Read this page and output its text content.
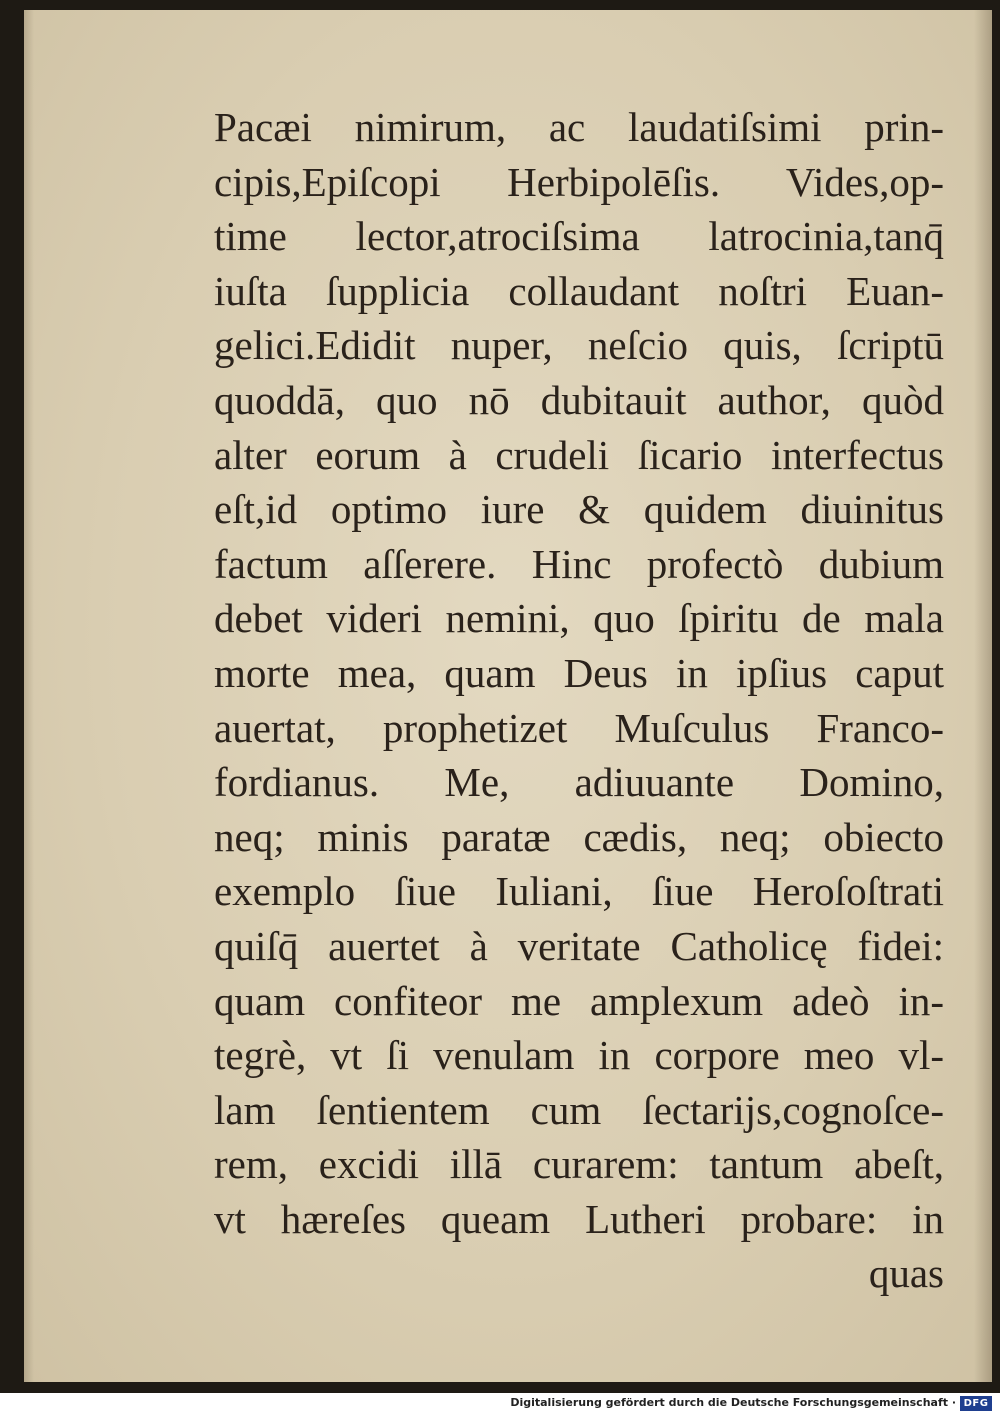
Pacæi nimirum, ac laudatiſsimi prin-
cipis,Epiſcopi Herbipolēſis. Vides,op-
time lector,atrociſsima latrocinia,tanq̄
iuſta ſupplicia collaudant noſtri Euan-
gelici.Edidit nuper, neſcio quis, ſcriptū
quoddā, quo nō dubitauit author, quòd
alter eorum à crudeli ſicario interfectus
eſt,id optimo iure & quidem diuinitus
factum aſſerere. Hinc profectò dubium
debet videri nemini, quo ſpiritu de mala
morte mea, quam Deus in ipſius caput
auertat, prophetizet Muſculus Franco-
fordianus. Me, adiuuante Domino,
neq; minis paratæ cædis, neq; obiecto
exemplo ſiue Iuliani, ſiue Heroſoſtrati
quiſq̄ auertet à veritate Catholicę fidei:
quam confiteor me amplexum adeò in-
tegrè, vt ſi venulam in corpore meo vl-
lam ſentientem cum ſectarijs,cognoſce-
rem, excidi illā curarem: tantum abeſt,
vt hæreſes queam Lutheri probare: in
quas
Digitalisierung gefördert durch die Deutsche Forschungsgemeinschaft · DFG
